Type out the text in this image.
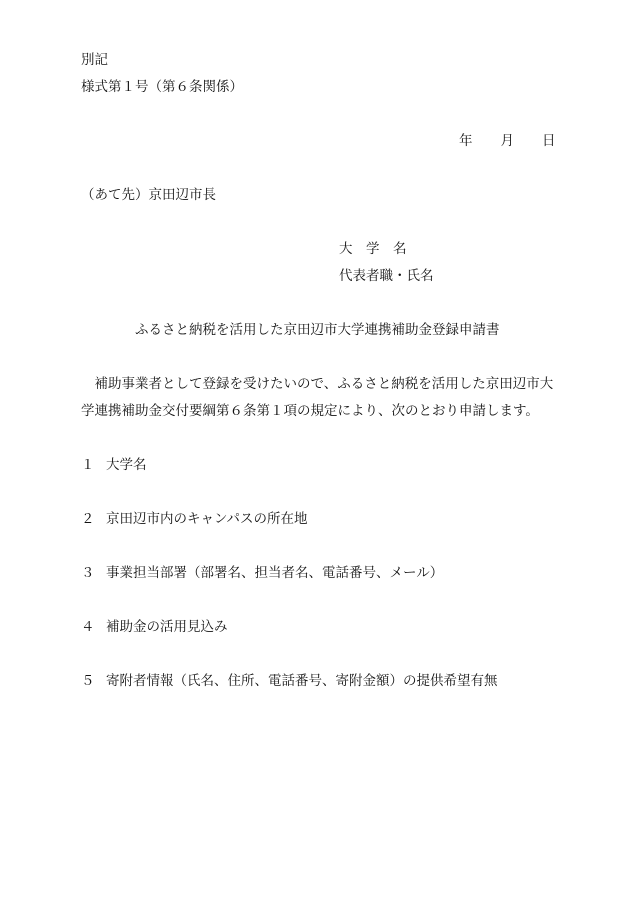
別記
様式第１号（第６条関係）
年 月 日
（あて先）京田辺市長
大　学　名
代表者職・氏名
ふるさと納税を活用した京田辺市大学連携補助金登録申請書
　補助事業者として登録を受けたいので、ふるさと納税を活用した京田辺市大
学連携補助金交付要綱第６条第１項の規定により、次のとおり申請します。
１ 大学名
２ 京田辺市内のキャンパスの所在地
３ 事業担当部署（部署名、担当者名、電話番号、メール）
４ 補助金の活用見込み
５ 寄附者情報（氏名、住所、電話番号、寄附金額）の提供希望有無
